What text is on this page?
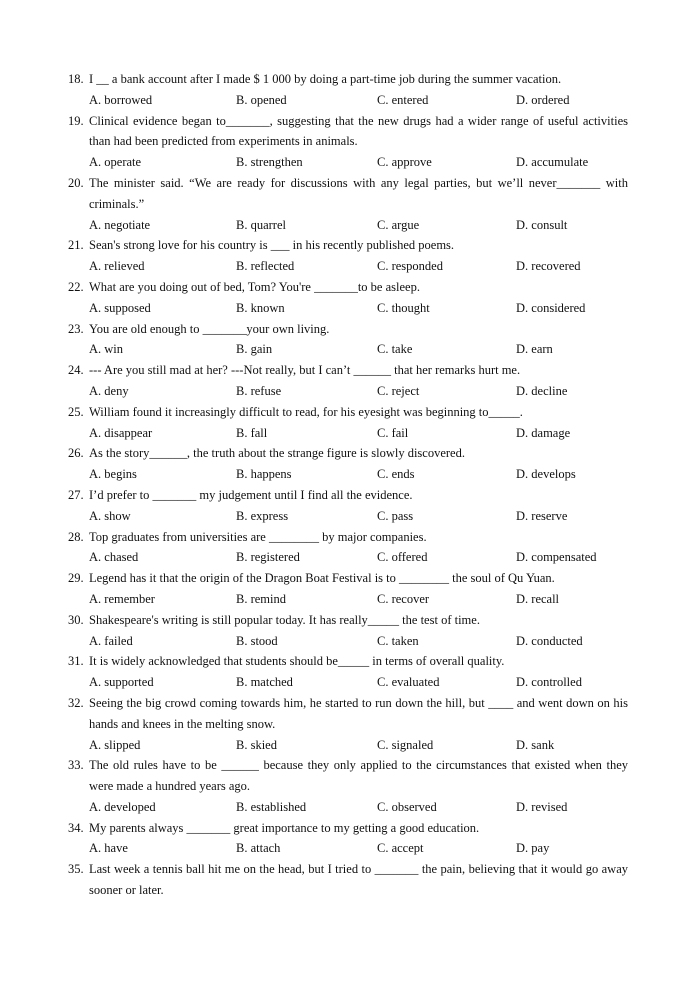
18. I __ a bank account after I made $ 1 000 by doing a part-time job during the summer vacation.
A. borrowed	B. opened	C. entered	D. ordered
19. Clinical evidence began to_______, suggesting that the new drugs had a wider range of useful activities than had been predicted from experiments in animals.
A. operate	B. strengthen	C. approve	D. accumulate
20. The minister said. “We are ready for discussions with any legal parties, but we’ll never_______ with criminals.”
A. negotiate	B. quarrel	C. argue	D. consult
21. Sean's strong love for his country is ___ in his recently published poems.
A. relieved	B. reflected	C. responded	D. recovered
22. What are you doing out of bed, Tom? You're _______to be asleep.
A. supposed	B. known	C. thought	D. considered
23. You are old enough to _______your own living.
A. win	B. gain	C. take	D. earn
24. --- Are you still mad at her? ---Not really, but I can’t ______ that her remarks hurt me.
A. deny	B. refuse	C. reject	D. decline
25. William found it increasingly difficult to read, for his eyesight was beginning to_____.
A. disappear	B. fall	C. fail	D. damage
26. As the story______, the truth about the strange figure is slowly discovered.
A. begins	B. happens	C. ends	D. develops
27. I’d prefer to _______ my judgement until I find all the evidence.
A. show	B. express	C. pass	D. reserve
28. Top graduates from universities are ________ by major companies.
A. chased	B. registered	C. offered	D. compensated
29. Legend has it that the origin of the Dragon Boat Festival is to ________ the soul of Qu Yuan.
A. remember	B. remind	C. recover	D. recall
30. Shakespeare's writing is still popular today. It has really_____ the test of time.
A. failed	B. stood	C. taken	D. conducted
31. It is widely acknowledged that students should be_____ in terms of overall quality.
A. supported	B. matched	C. evaluated	D. controlled
32. Seeing the big crowd coming towards him, he started to run down the hill, but ____ and went down on his hands and knees in the melting snow.
A. slipped	B. skied	C. signaled	D. sank
33. The old rules have to be ______ because they only applied to the circumstances that existed when they were made a hundred years ago.
A. developed	B. established	C. observed	D. revised
34. My parents always _______ great importance to my getting a good education.
A. have	B. attach	C. accept	D. pay
35. Last week a tennis ball hit me on the head, but I tried to _______ the pain, believing that it would go away sooner or later.
